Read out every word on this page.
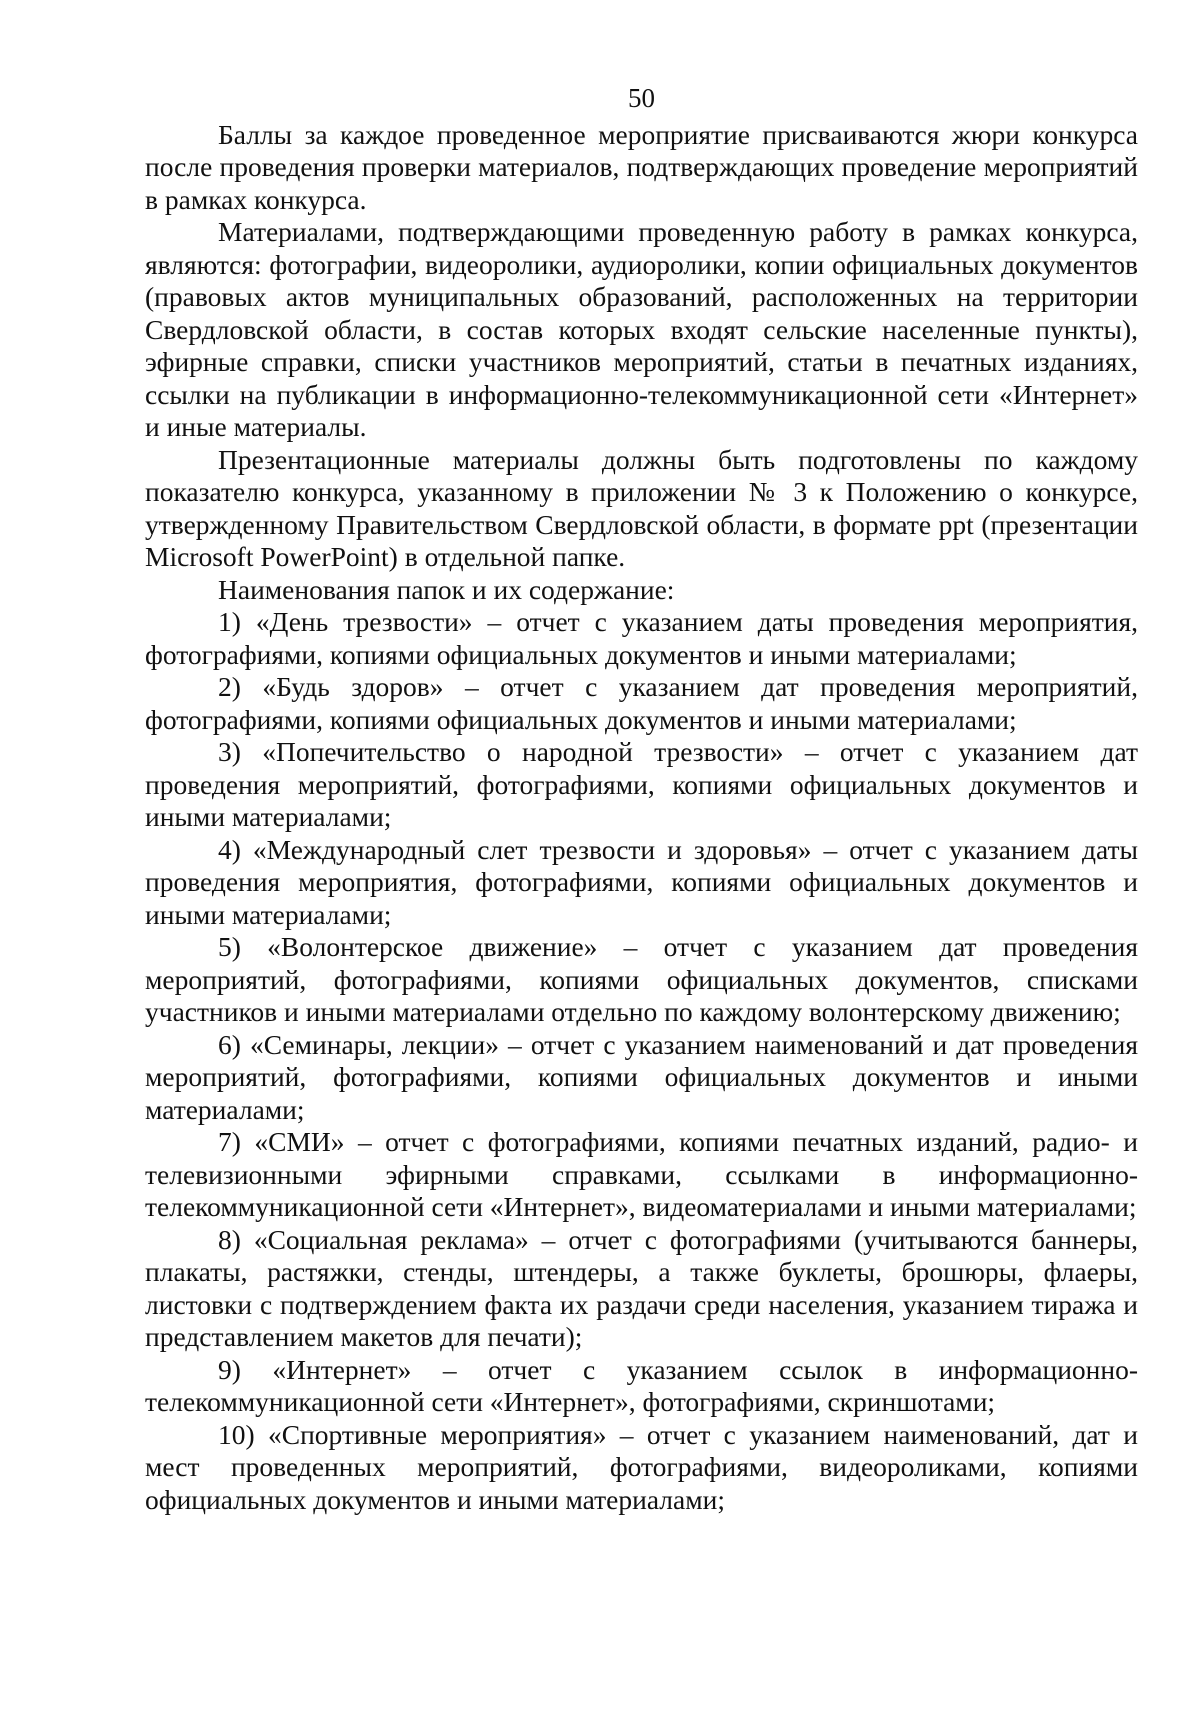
50

Баллы за каждое проведенное мероприятие присваиваются жюри конкурса после проведения проверки материалов, подтверждающих проведение мероприятий в рамках конкурса.

Материалами, подтверждающими проведенную работу в рамках конкурса, являются: фотографии, видеоролики, аудиоролики, копии официальных документов (правовых актов муниципальных образований, расположенных на территории Свердловской области, в состав которых входят сельские населенные пункты), эфирные справки, списки участников мероприятий, статьи в печатных изданиях, ссылки на публикации в информационно-телекоммуникационной сети «Интернет» и иные материалы.

Презентационные материалы должны быть подготовлены по каждому показателю конкурса, указанному в приложении № 3 к Положению о конкурсе, утвержденному Правительством Свердловской области, в формате ppt (презентации Microsoft PowerPoint) в отдельной папке.

Наименования папок и их содержание:

1) «День трезвости» – отчет с указанием даты проведения мероприятия, фотографиями, копиями официальных документов и иными материалами;

2) «Будь здоров» – отчет с указанием дат проведения мероприятий, фотографиями, копиями официальных документов и иными материалами;

3) «Попечительство о народной трезвости» – отчет с указанием дат проведения мероприятий, фотографиями, копиями официальных документов и иными материалами;

4) «Международный слет трезвости и здоровья» – отчет с указанием даты проведения мероприятия, фотографиями, копиями официальных документов и иными материалами;

5) «Волонтерское движение» – отчет с указанием дат проведения мероприятий, фотографиями, копиями официальных документов, списками участников и иными материалами отдельно по каждому волонтерскому движению;

6) «Семинары, лекции» – отчет с указанием наименований и дат проведения мероприятий, фотографиями, копиями официальных документов и иными материалами;

7) «СМИ» – отчет с фотографиями, копиями печатных изданий, радио- и телевизионными эфирными справками, ссылками в информационно-телекоммуникационной сети «Интернет», видеоматериалами и иными материалами;

8) «Социальная реклама» – отчет с фотографиями (учитываются баннеры, плакаты, растяжки, стенды, штендеры, а также буклеты, брошюры, флаеры, листовки с подтверждением факта их раздачи среди населения, указанием тиража и представлением макетов для печати);

9) «Интернет» – отчет с указанием ссылок в информационно-телекоммуникационной сети «Интернет», фотографиями, скриншотами;

10) «Спортивные мероприятия» – отчет с указанием наименований, дат и мест проведенных мероприятий, фотографиями, видеороликами, копиями официальных документов и иными материалами;
